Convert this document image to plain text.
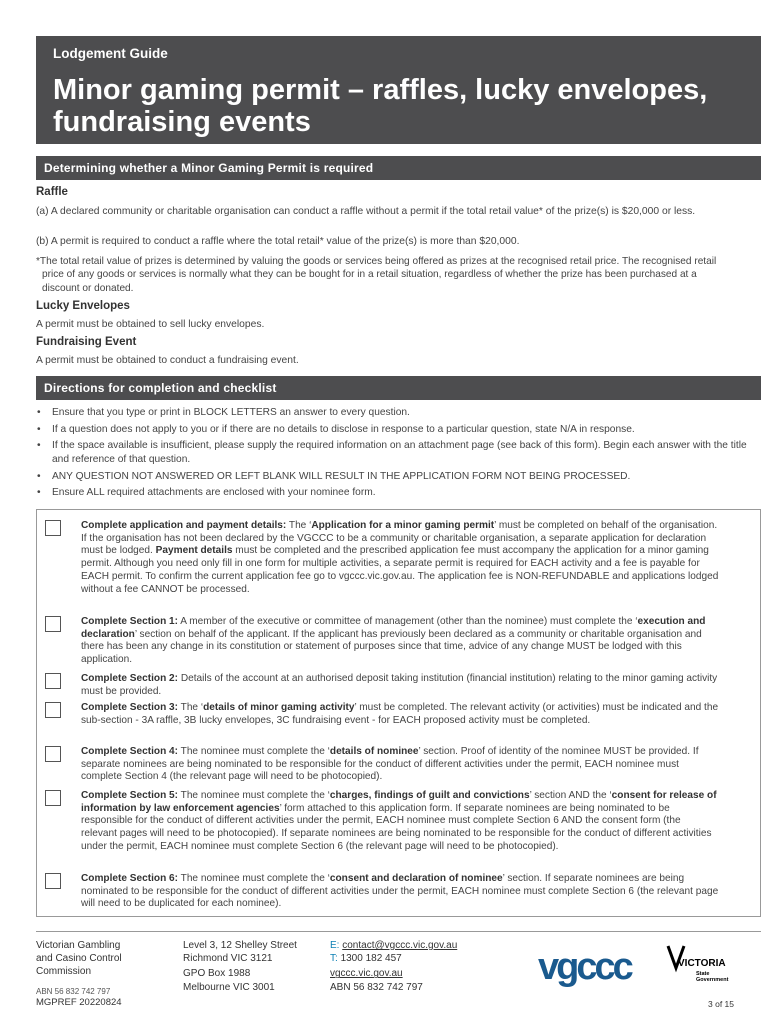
Lodgement Guide
Minor gaming permit – raffles, lucky envelopes, fundraising events
Determining whether a Minor Gaming Permit is required
Raffle
(a) A declared community or charitable organisation can conduct a raffle without a permit if the total retail value* of the prize(s) is $20,000 or less.
(b) A permit is required to conduct a raffle where the total retail* value of the prize(s) is more than $20,000.
*The total retail value of prizes is determined by valuing the goods or services being offered as prizes at the recognised retail price. The recognised retail price of any goods or services is normally what they can be bought for in a retail situation, regardless of whether the prize has been purchased at a discount or donated.
Lucky Envelopes
A permit must be obtained to sell lucky envelopes.
Fundraising Event
A permit must be obtained to conduct a fundraising event.
Directions for completion and checklist
• Ensure that you type or print in BLOCK LETTERS an answer to every question.
• If a question does not apply to you or if there are no details to disclose in response to a particular question, state N/A in response.
• If the space available is insufficient, please supply the required information on an attachment page (see back of this form). Begin each answer with the title and reference of that question.
• ANY QUESTION NOT ANSWERED OR LEFT BLANK WILL RESULT IN THE APPLICATION FORM NOT BEING PROCESSED.
• Ensure ALL required attachments are enclosed with your nominee form.
Complete application and payment details: The ‘Application for a minor gaming permit’ must be completed on behalf of the organisation. If the organisation has not been declared by the VGCCC to be a community or charitable organisation, a separate application for declaration must be lodged. Payment details must be completed and the prescribed application fee must accompany the application for a minor gaming permit. Although you need only fill in one form for multiple activities, a separate permit is required for EACH activity and a fee is payable for EACH permit. To confirm the current application fee go to vgccc.vic.gov.au. The application fee is NON-REFUNDABLE and applications lodged without a fee CANNOT be processed.
Complete Section 1: A member of the executive or committee of management (other than the nominee) must complete the ‘execution and declaration’ section on behalf of the applicant. If the applicant has previously been declared as a community or charitable organisation and there has been any change in its constitution or statement of purposes since that time, advice of any change MUST be lodged with this application.
Complete Section 2: Details of the account at an authorised deposit taking institution (financial institution) relating to the minor gaming activity must be provided.
Complete Section 3: The ‘details of minor gaming activity’ must be completed. The relevant activity (or activities) must be indicated and the sub-section - 3A raffle, 3B lucky envelopes, 3C fundraising event - for EACH proposed activity must be completed.
Complete Section 4: The nominee must complete the ‘details of nominee’ section. Proof of identity of the nominee MUST be provided. If separate nominees are being nominated to be responsible for the conduct of different activities under the permit, EACH nominee must complete Section 4 (the relevant page will need to be photocopied).
Complete Section 5: The nominee must complete the ‘charges, findings of guilt and convictions’ section AND the ‘consent for release of information by law enforcement agencies’ form attached to this application form. If separate nominees are being nominated to be responsible for the conduct of different activities under the permit, EACH nominee must complete Section 6 AND the consent form (the relevant pages will need to be photocopied). If separate nominees are being nominated to be responsible for the conduct of different activities under the permit, EACH nominee must complete Section 6 (the relevant page will need to be photocopied).
Complete Section 6: The nominee must complete the ‘consent and declaration of nominee’ section. If separate nominees are being nominated to be responsible for the conduct of different activities under the permit, EACH nominee must complete Section 6 (the relevant page will need to be duplicated for each nominee).
Victorian Gambling
and Casino Control
Commission
ABN 56 832 742 797
Level 3, 12 Shelley Street
Richmond VIC 3121
GPO Box 1988
Melbourne VIC 3001
E: contact@vgccc.vic.gov.au
T: 1300 182 457
vgccc.vic.gov.au
ABN 56 832 742 797	vgccc	VICTORIA
State
Government
MGPREF 20220824	3 of 15
